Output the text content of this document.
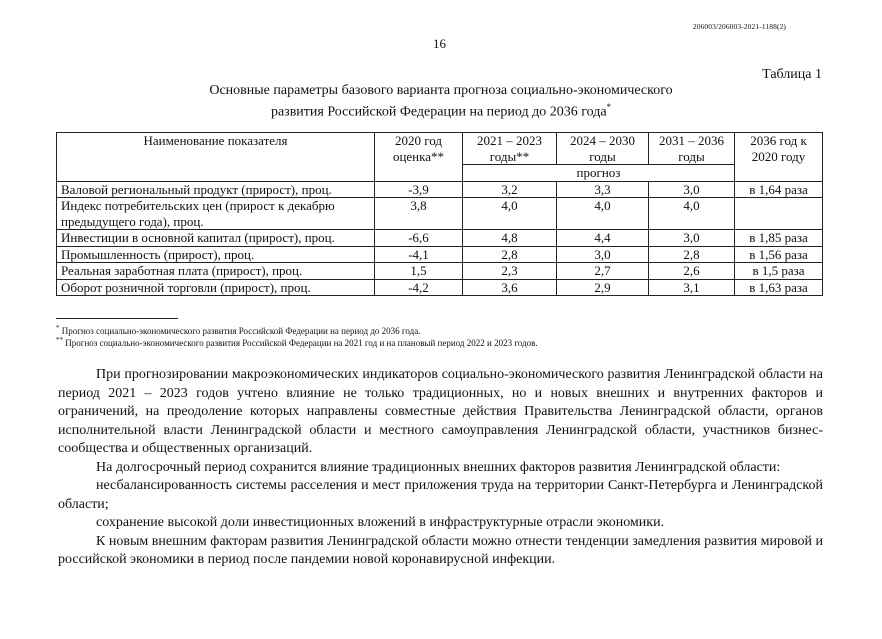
206003/206003-2021-1188(2)
16
Таблица 1
Основные параметры базового варианта прогноза социально-экономического
развития Российской Федерации на период до 2036 года*
Наименование показателя	2020 год оценка**	2021 – 2023 годы**	2024 – 2030 годы	2031 – 2036 годы	2036 год к 2020 году
		прогноз			
Валовой региональный продукт (прирост), проц.	-3,9	3,2	3,3	3,0	в 1,64 раза
Индекс потребительских цен (прирост к декабрю предыдущего года), проц.	3,8	4,0	4,0	4,0	
Инвестиции в основной капитал (прирост), проц.	-6,6	4,8	4,4	3,0	в 1,85 раза
Промышленность (прирост), проц.	-4,1	2,8	3,0	2,8	в 1,56 раза
Реальная заработная плата (прирост), проц.	1,5	2,3	2,7	2,6	в 1,5 раза
Оборот розничной торговли (прирост), проц.	-4,2	3,6	2,9	3,1	в 1,63 раза
* Прогноз социально-экономического развития Российской Федерации на период до 2036 года.
** Прогноз социально-экономического развития Российской Федерации на 2021 год и на плановый период 2022 и 2023 годов.

При прогнозировании макроэкономических индикаторов социально-экономического развития Ленинградской области на период 2021 – 2023 годов учтено влияние не только традиционных, но и новых внешних и внутренних факторов и ограничений, на преодоление которых направлены совместные действия Правительства Ленинградской области, органов исполнительной власти Ленинградской области и местного самоуправления Ленинградской области, участников бизнес-сообщества и общественных организаций.

На долгосрочный период сохранится влияние традиционных внешних факторов развития Ленинградской области:

несбалансированность системы расселения и мест приложения труда на территории Санкт-Петербурга и Ленинградской области;

сохранение высокой доли инвестиционных вложений в инфраструктурные отрасли экономики.

К новым внешним факторам развития Ленинградской области можно отнести тенденции замедления развития мировой и российской экономики в период после пандемии новой коронавирусной инфекции.
